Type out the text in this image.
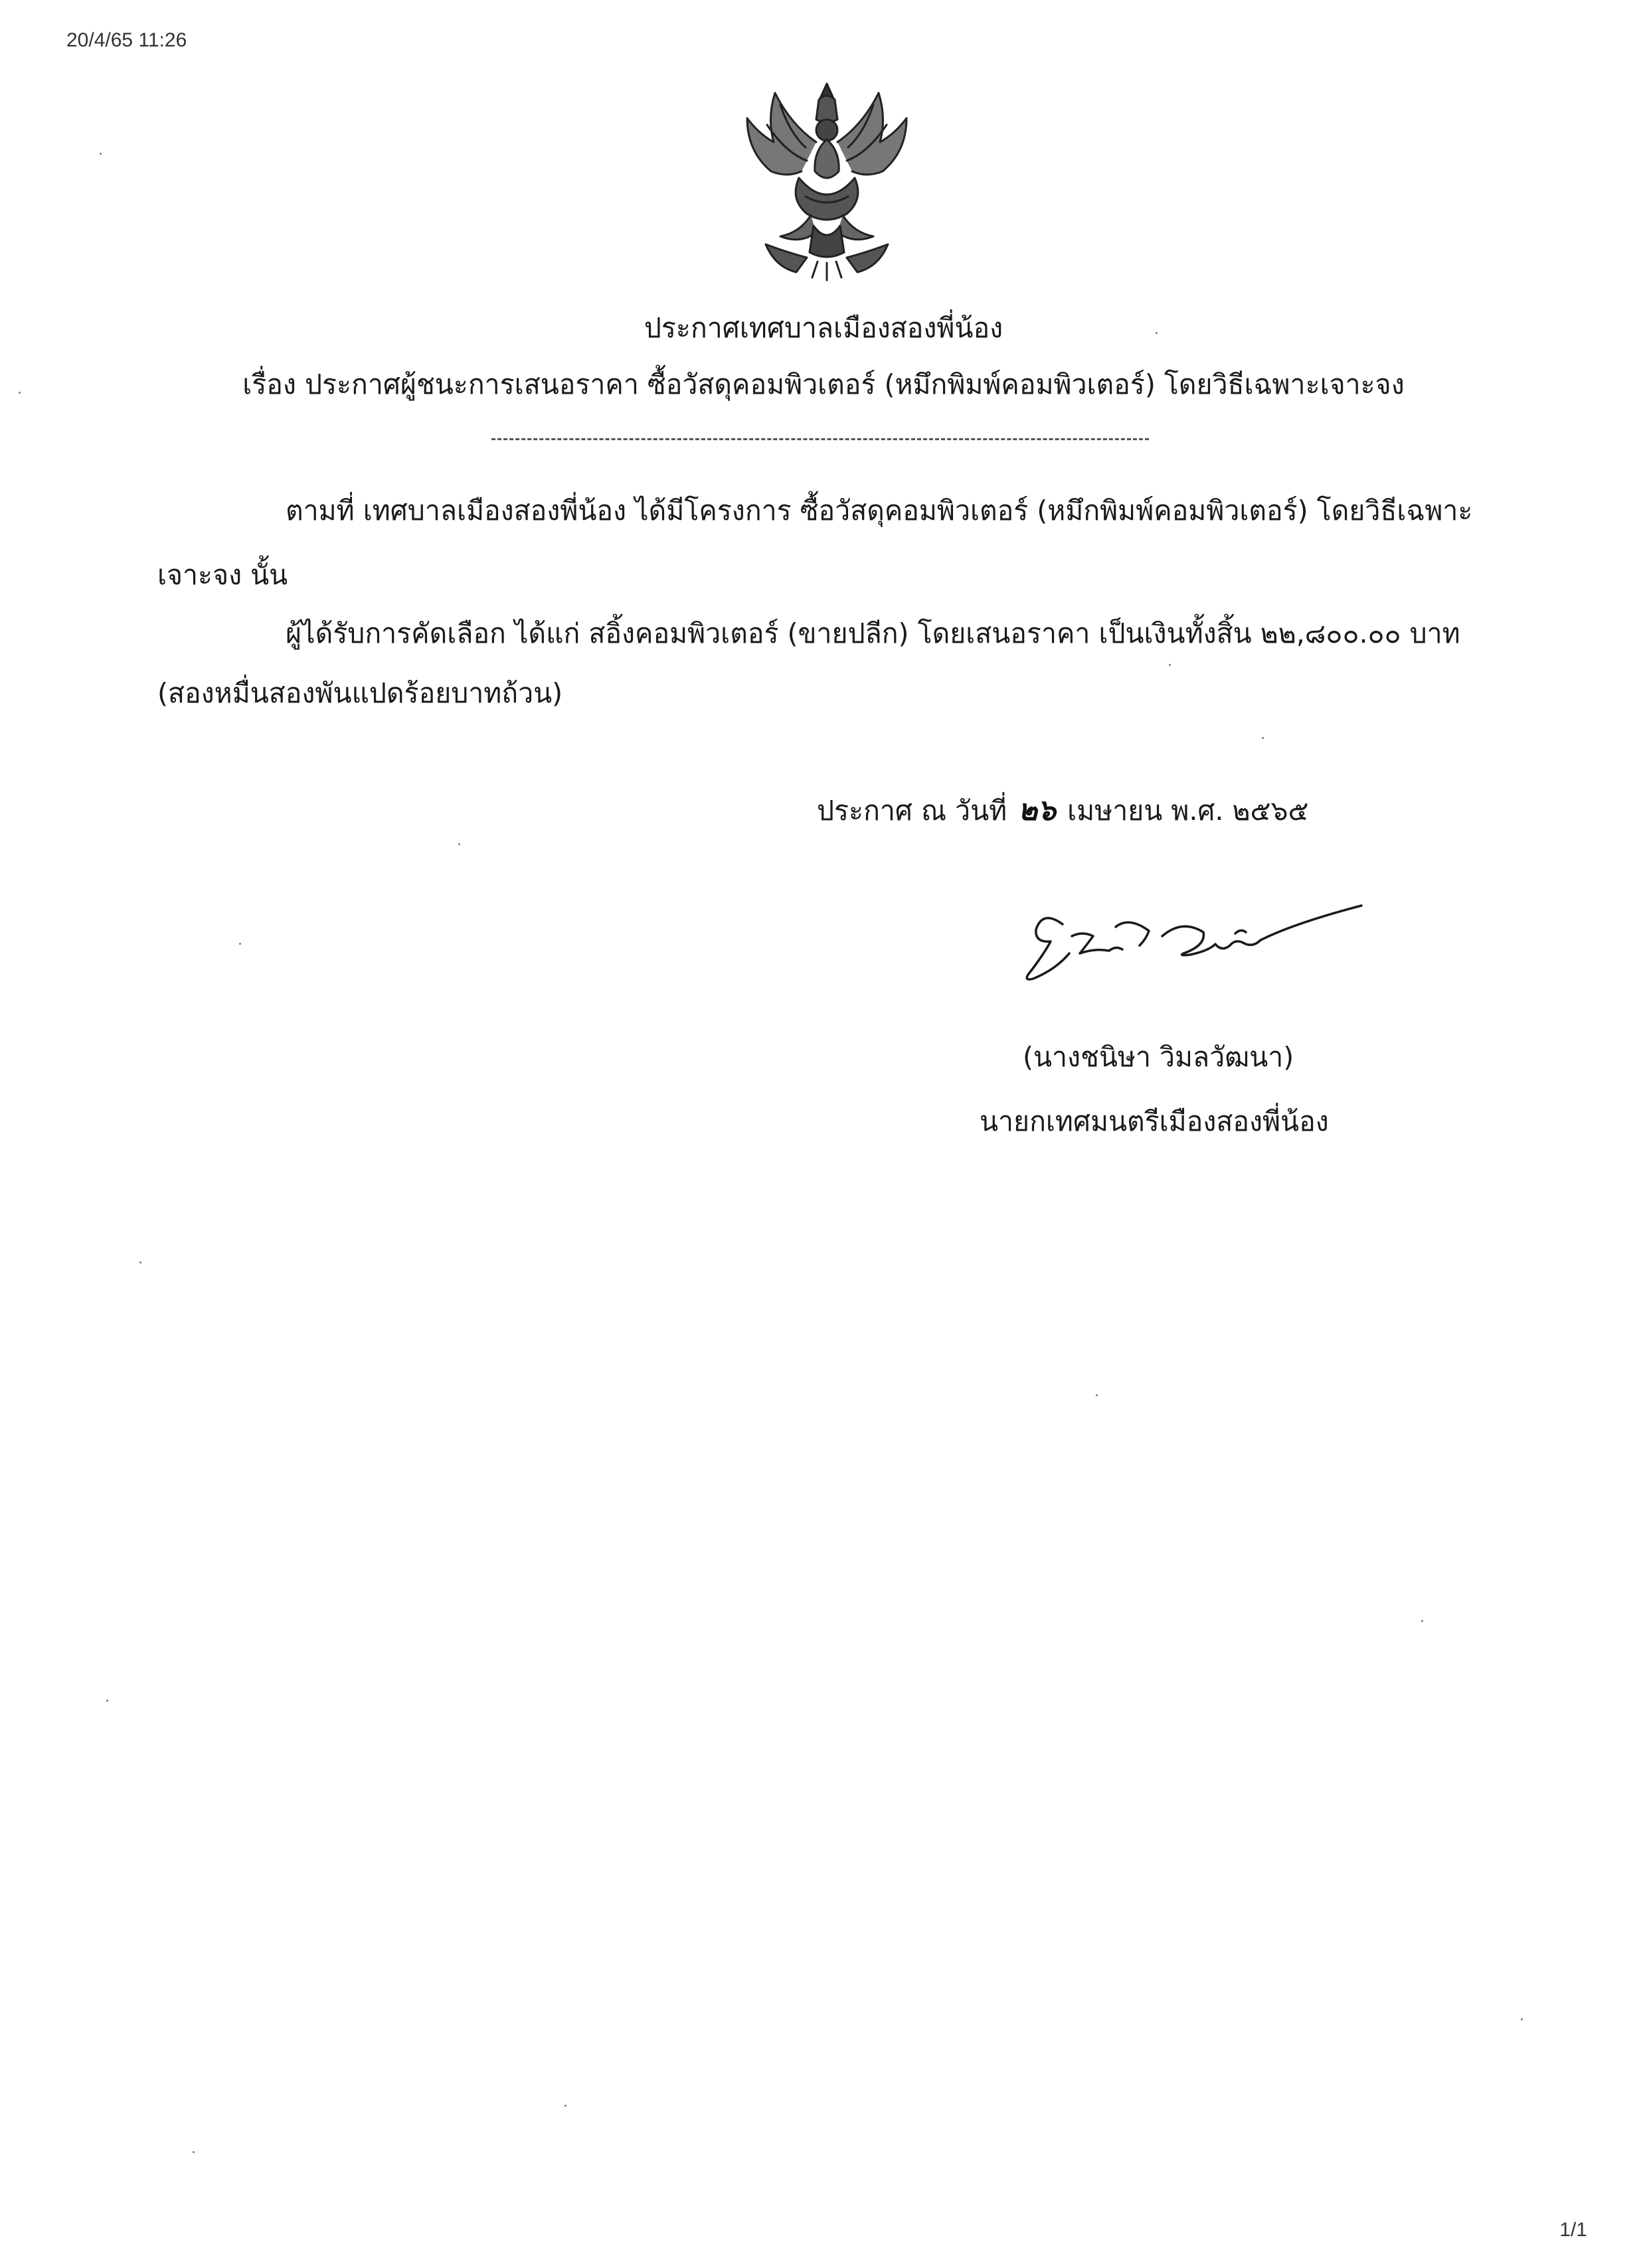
20/4/65 11:26
ประกาศเทศบาลเมืองสองพี่น้อง
เรื่อง ประกาศผู้ชนะการเสนอราคา ซื้อวัสดุคอมพิวเตอร์ (หมึกพิมพ์คอมพิวเตอร์) โดยวิธีเฉพาะเจาะจง
ตามที่ เทศบาลเมืองสองพี่น้อง ได้มีโครงการ ซื้อวัสดุคอมพิวเตอร์ (หมึกพิมพ์คอมพิวเตอร์) โดยวิธีเฉพาะ
เจาะจง นั้น
ผู้ได้รับการคัดเลือก ได้แก่ สอิ้งคอมพิวเตอร์ (ขายปลีก) โดยเสนอราคา เป็นเงินทั้งสิ้น ๒๒,๘๐๐.๐๐ บาท
(สองหมื่นสองพันแปดร้อยบาทถ้วน)
ประกาศ ณ วันที่ ๒๖ เมษายน พ.ศ. ๒๕๖๕
(นางชนิษา วิมลวัฒนา)
นายกเทศมนตรีเมืองสองพี่น้อง
1/1
